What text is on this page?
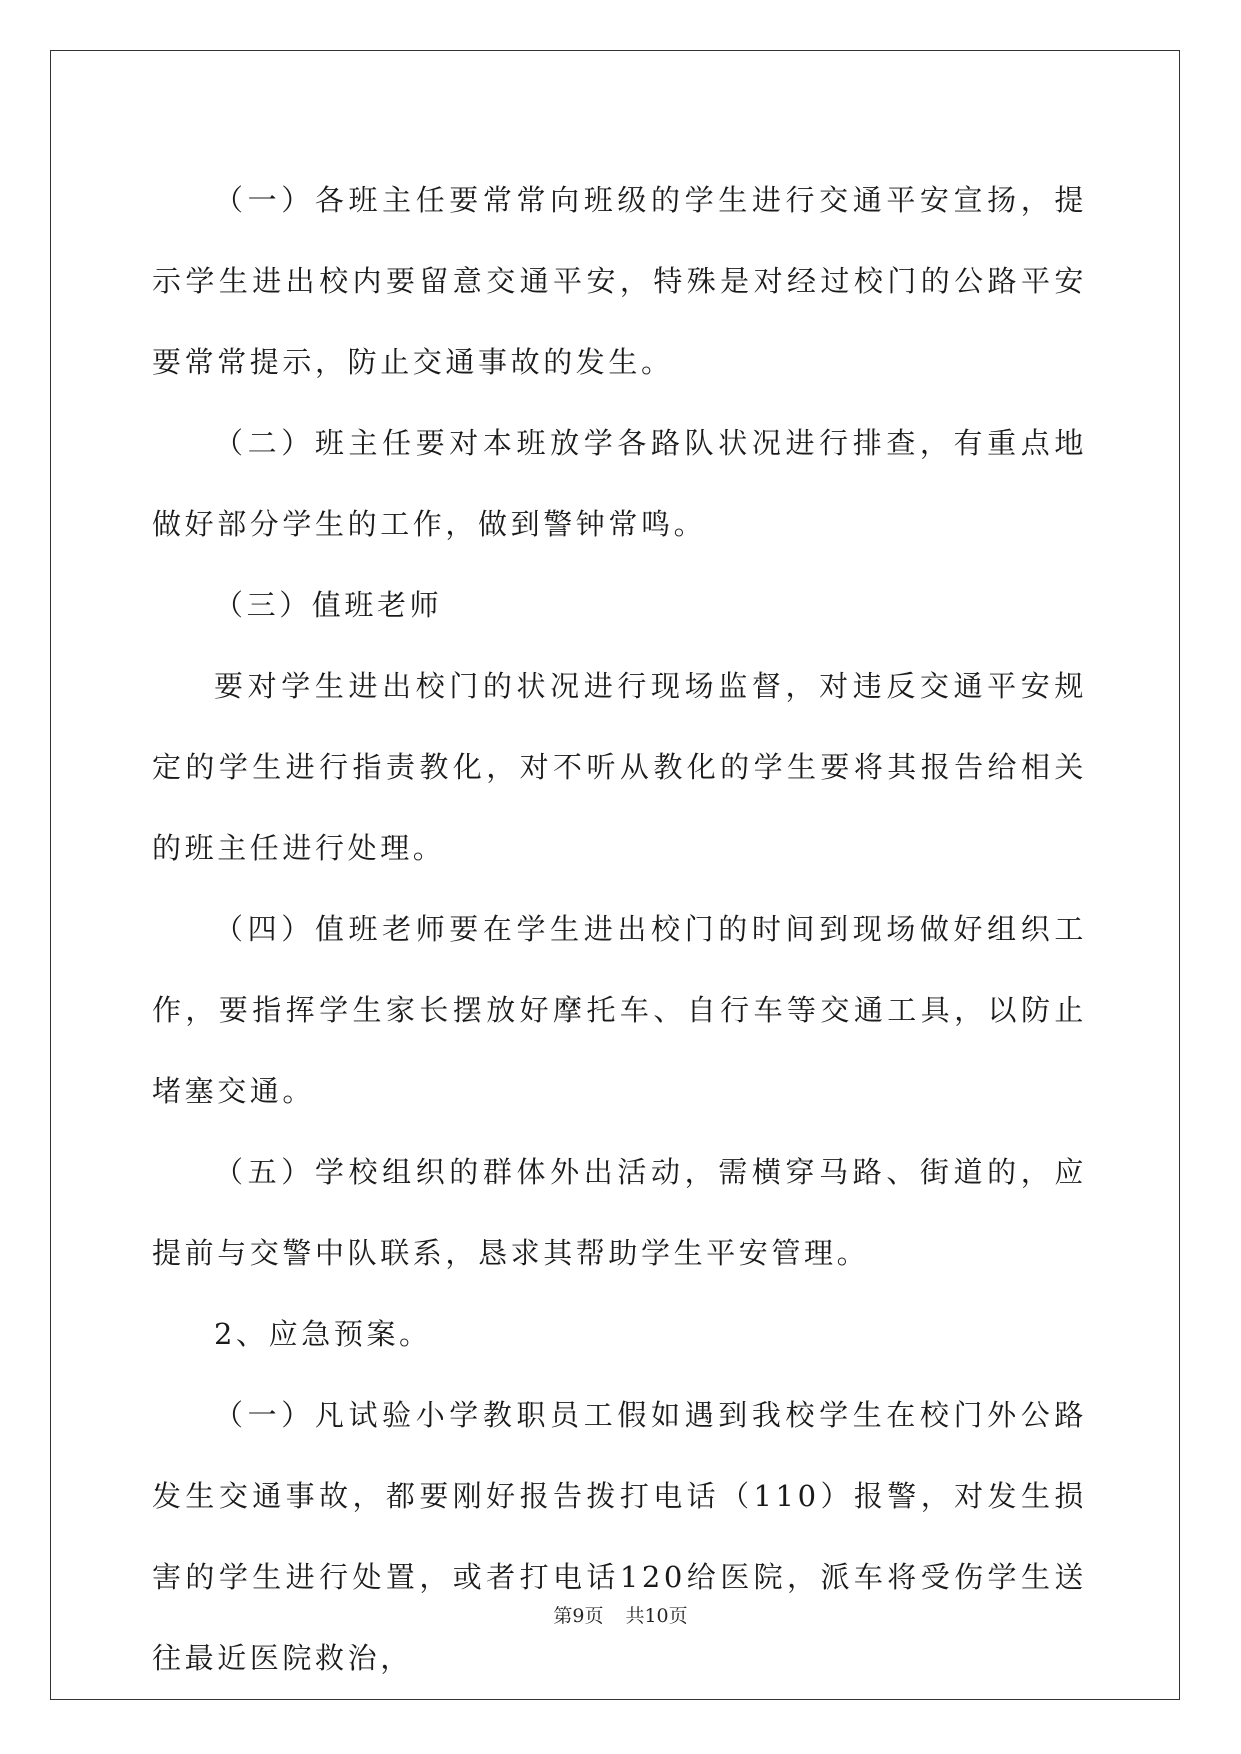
（一）各班主任要常常向班级的学生进行交通平安宣扬，提示学生进出校内要留意交通平安，特殊是对经过校门的公路平安要常常提示，防止交通事故的发生。

（二）班主任要对本班放学各路队状况进行排查，有重点地做好部分学生的工作，做到警钟常鸣。

（三）值班老师

要对学生进出校门的状况进行现场监督，对违反交通平安规定的学生进行指责教化，对不听从教化的学生要将其报告给相关的班主任进行处理。

（四）值班老师要在学生进出校门的时间到现场做好组织工作，要指挥学生家长摆放好摩托车、自行车等交通工具，以防止堵塞交通。

（五）学校组织的群体外出活动，需横穿马路、街道的，应提前与交警中队联系，恳求其帮助学生平安管理。

2、应急预案。

（一）凡试验小学教职员工假如遇到我校学生在校门外公路发生交通事故，都要刚好报告拨打电话（110）报警，对发生损害的学生进行处置，或者打电话120给医院，派车将受伤学生送往最近医院救治，

第9页 共10页
